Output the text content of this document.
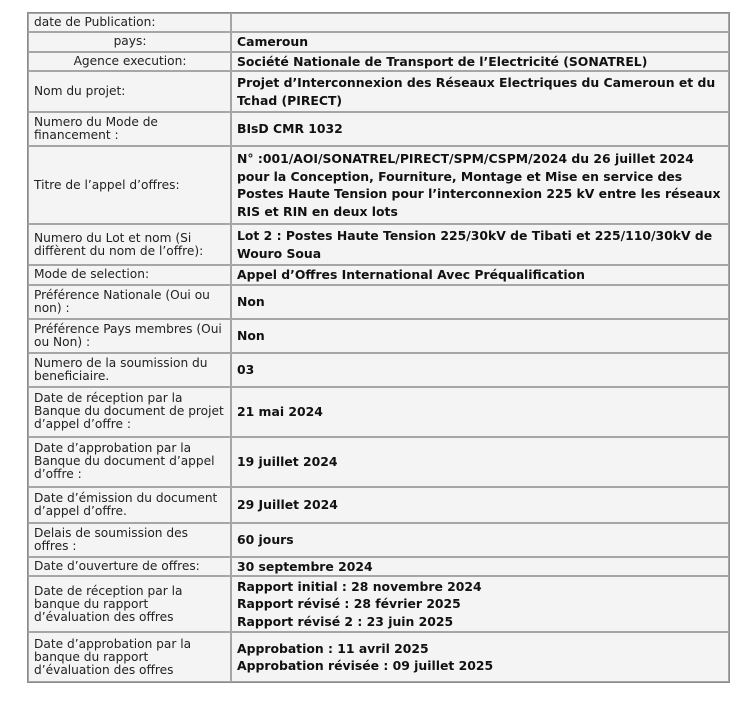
date de Publication:	
pays:	Cameroun
Agence execution:	Société Nationale de Transport de l’Electricité (SONATREL)
Nom du projet:	Projet d’Interconnexion des Réseaux Electriques du Cameroun et du Tchad (PIRECT)
Numero du Mode de financement :	BIsD CMR 1032
Titre de l’appel d’offres:	N° :001/AOI/SONATREL/PIRECT/SPM/CSPM/2024 du 26 juillet 2024 pour la Conception, Fourniture, Montage et Mise en service des Postes Haute Tension pour l’interconnexion 225 kV entre les réseaux RIS et RIN en deux lots
Numero du Lot et nom (Si diffèrent du nom de l’offre):	Lot 2 : Postes Haute Tension 225/30kV de Tibati et 225/110/30kV de Wouro Soua
Mode de selection:	Appel d’Offres International Avec Préqualification
Préférence Nationale (Oui ou non) :	Non
Préférence Pays membres (Oui ou Non) :	Non
Numero de la soumission du beneficiaire.	03
Date de réception par la Banque du document de projet d’appel d’offre :	21 mai 2024
Date d’approbation par la Banque du document d’appel d’offre :	19 juillet 2024
Date d’émission du document d’appel d’offre.	29 Juillet 2024
Delais de soumission des offres :	60 jours
Date d’ouverture de offres:	30 septembre 2024
Date de réception par la banque du rapport d’évaluation des offres	Rapport initial : 28 novembre 2024
Rapport révisé : 28 février 2025
Rapport révisé 2 : 23 juin 2025

Date d’approbation par la banque du rapport d’évaluation des offres	Approbation : 11 avril 2025
Approbation révisée : 09 juillet 2025
